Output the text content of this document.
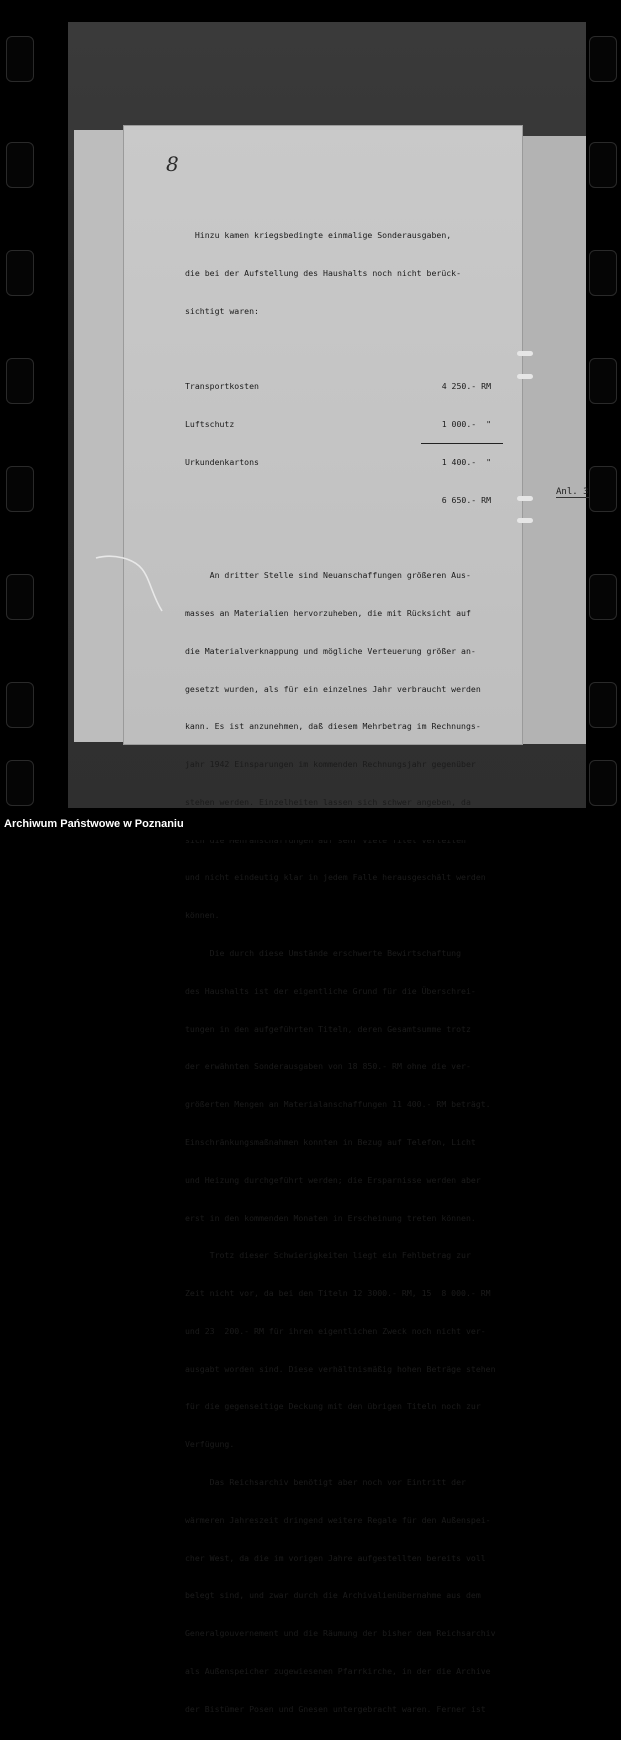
Anl. 3
8

Hinzu kamen kriegsbedingte einmalige Sonderausgaben,

die bei der Aufstellung des Haushalts noch nicht berück-

sichtigt waren:

Transportkosten	4 250.- RM

Luftschutz	1 000.-  "

Urkundenkartons	1 400.-  "

6 650.- RM

An dritter Stelle sind Neuanschaffungen größeren Aus-

masses an Materialien hervorzuheben, die mit Rücksicht auf

die Materialverknappung und mögliche Verteuerung größer an-

gesetzt wurden, als für ein einzelnes Jahr verbraucht werden

kann. Es ist anzunehmen, daß diesem Mehrbetrag im Rechnungs-

jahr 1942 Einsparungen im kommenden Rechnungsjahr gegenüber

stehen werden. Einzelheiten lassen sich schwer angeben, da

und nicht eindeutig klar in jedem Falle herausgeschält werden

können.

Die durch diese Umstände erschwerte Bewirtschaftung

des Haushalts ist der eigentliche Grund für die Überschrei-

tungen in den aufgeführten Titeln, deren Gesamtsumme trotz

der erwähnten Sonderausgaben von 18 850.- RM ohne die ver-

größerten Mengen an Materialanschaffungen 11 400.- RM beträgt.

Einschränkungsmaßnahmen konnten in Bezug auf Telefon, Licht

und Heizung durchgeführt werden; die Ersparnisse werden aber

erst in den kommenden Monaten in Erscheinung treten können.

Trotz dieser Schwierigkeiten liegt ein Fehlbetrag zur

Zeit nicht vor, da bei den Titeln 12 3000.- RM, 15  8 000.- RM

und 23  200.- RM für ihren eigentlichen Zweck noch nicht ver-

ausgabt worden sind. Diese verhältnismäßig hohen Beträge stehen

für die gegenseitige Deckung mit den übrigen Titeln noch zur

Verfügung.

Das Reichsarchiv benötigt aber noch vor Eintritt der

wärmeren Jahreszeit dringend weitere Regale für den Außenspei-

cher West, da die im vorigen Jahre aufgestellten bereits voll

belegt sind, und zwar durch die Archivalienübernahme aus dem

Generalgouvernement und die Räumung der bisher dem Reichsarchiv

als Außenspeicher zugewiesenen Pfarrkirche, in der die Archive

der Bistümer Posen und Gnesen untergebracht waren. Ferner ist

Archiwum Państwowe w Poznaniu
